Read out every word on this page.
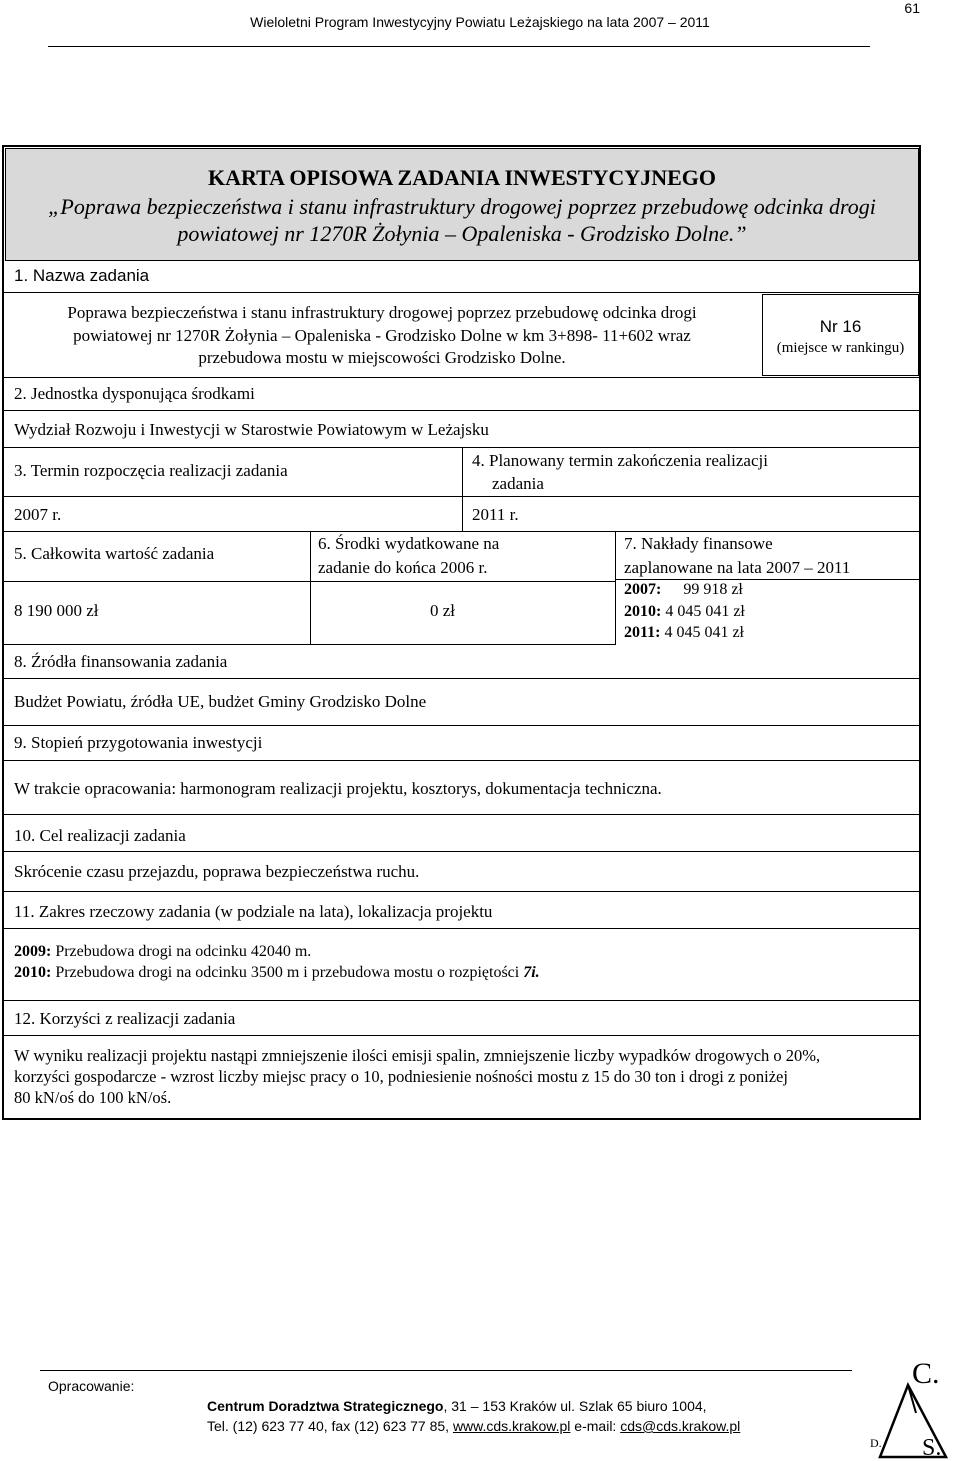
61
Wieloletni Program Inwestycyjny Powiatu Leżajskiego na lata 2007 – 2011
KARTA OPISOWA ZADANIA INWESTYCYJNEGO
„Poprawa bezpieczeństwa i stanu infrastruktury drogowej poprzez przebudowę odcinka drogi
powiatowej nr 1270R Żołynia – Opaleniska - Grodzisko Dolne.”
1. Nazwa zadania
Poprawa bezpieczeństwa i stanu infrastruktury drogowej poprzez przebudowę odcinka drogi
powiatowej nr 1270R Żołynia – Opaleniska - Grodzisko Dolne w km 3+898- 11+602 wraz
przebudowa mostu w miejscowości Grodzisko Dolne.
Nr 16
(miejsce w rankingu)
2. Jednostka dysponująca środkami
Wydział Rozwoju i Inwestycji w Starostwie Powiatowym w Leżajsku
3. Termin rozpoczęcia realizacji zadania
4. Planowany termin zakończenia realizacji
zadania
2007 r.	2011 r.
5. Całkowita wartość zadania
6. Środki wydatkowane na
zadanie do końca 2006 r.
7. Nakłady finansowe
zaplanowane na lata 2007 – 2011
8 190 000 zł	0 zł
2007: 99 918 zł
2010: 4 045 041 zł
2011: 4 045 041 zł
8. Źródła finansowania zadania
Budżet Powiatu, źródła UE, budżet Gminy Grodzisko Dolne
9. Stopień przygotowania inwestycji
W trakcie opracowania: harmonogram realizacji projektu, kosztorys, dokumentacja techniczna.
10. Cel realizacji zadania
Skrócenie czasu przejazdu, poprawa bezpieczeństwa ruchu.
11. Zakres rzeczowy zadania (w podziale na lata), lokalizacja projektu
2009: Przebudowa drogi na odcinku 42040 m.
2010: Przebudowa drogi na odcinku 3500 m i przebudowa mostu o rozpiętości 7i.
12. Korzyści z realizacji zadania
W wyniku realizacji projektu nastąpi zmniejszenie ilości emisji spalin, zmniejszenie liczby wypadków drogowych o 20%,
korzyści gospodarcze - wzrost liczby miejsc pracy o 10, podniesienie nośności mostu z 15 do 30 ton i drogi z poniżej
80 kN/oś do 100 kN/oś.
Opracowanie:
Centrum Doradztwa Strategicznego, 31 – 153 Kraków ul. Szlak 65 biuro 1004,
Tel. (12) 623 77 40, fax (12) 623 77 85, www.cds.krakow.pl e-mail: cds@cds.krakow.pl
C.
S.
D.
